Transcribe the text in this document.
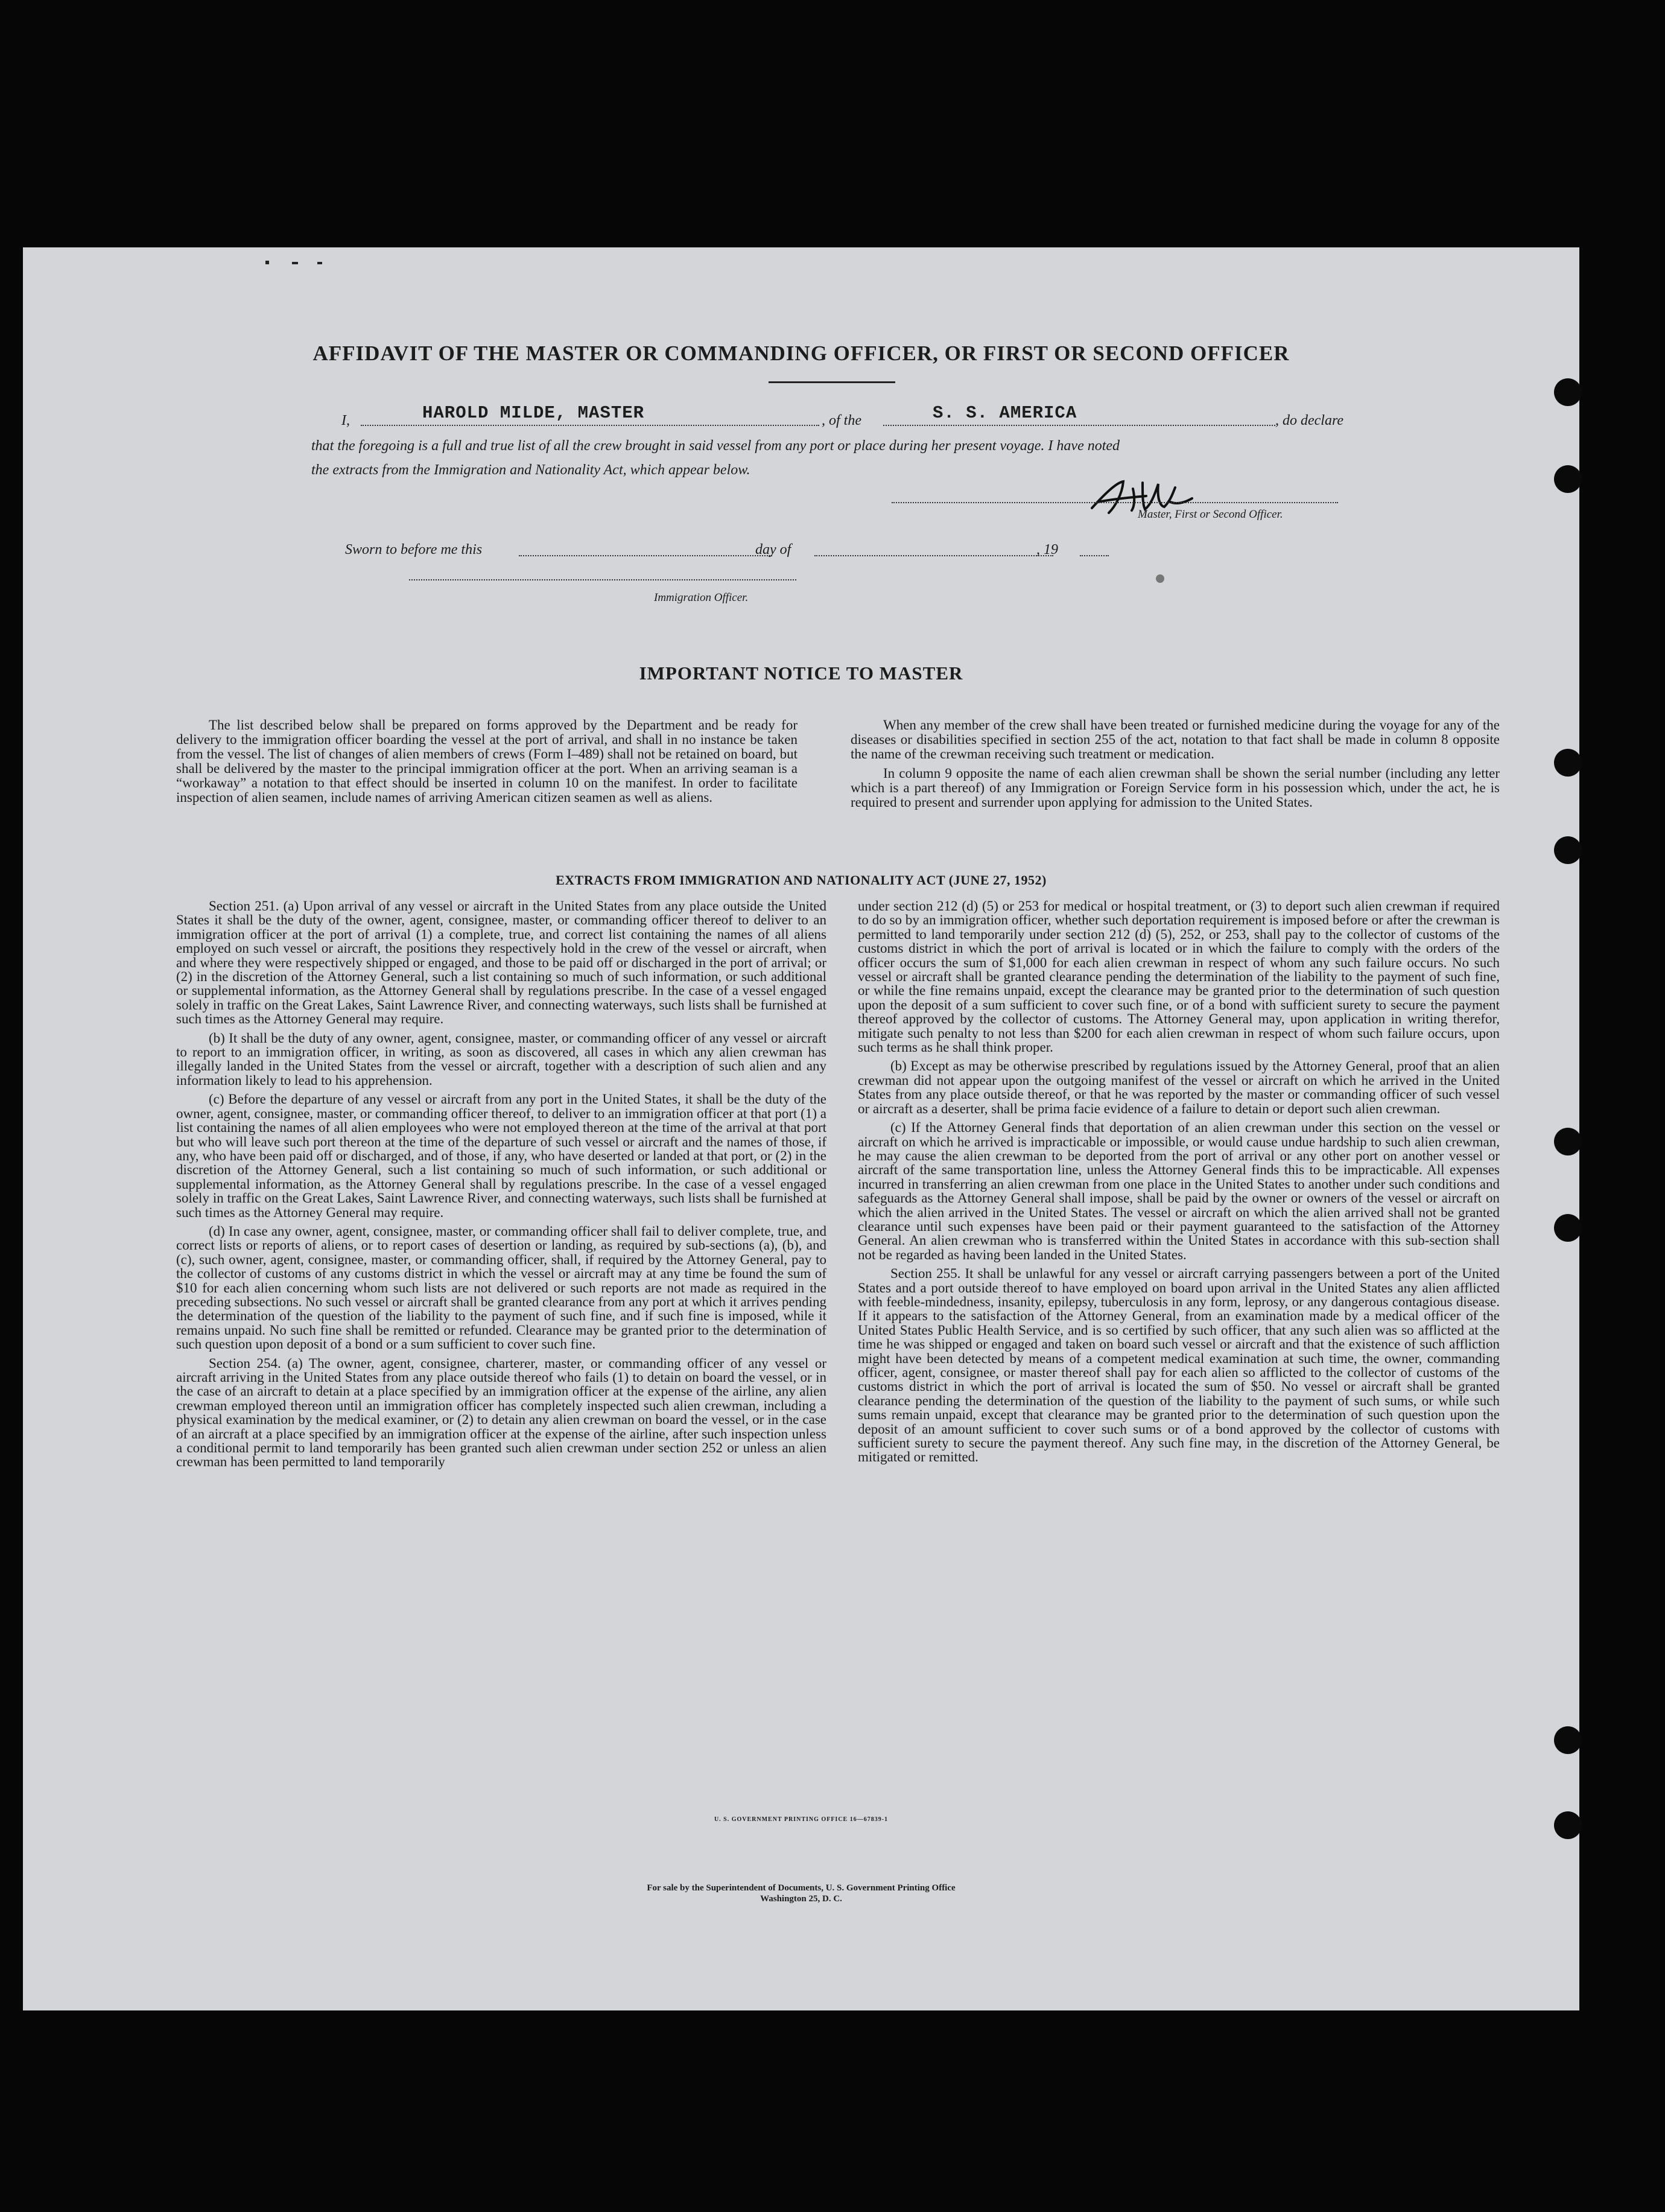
AFFIDAVIT OF THE MASTER OR COMMANDING OFFICER, OR FIRST OR SECOND OFFICER
I,	HAROLD MILDE, MASTER	, of the	S. S. AMERICA	, do declare
that the foregoing is a full and true list of all the crew brought in said vessel from any port or place during her present voyage. I have noted
the extracts from the Immigration and Nationality Act, which appear below.
Master, First or Second Officer.
Sworn to before me this	day of	, 19
Immigration Officer.
IMPORTANT NOTICE TO MASTER

The list described below shall be prepared on forms approved by the Department and be ready for delivery to the immigration officer boarding the vessel at the port of arrival, and shall in no instance be taken from the vessel. The list of changes of alien members of crews (Form I–489) shall not be retained on board, but shall be delivered by the master to the principal immigration officer at the port. When an arriving seaman is a “workaway” a notation to that effect should be inserted in column 10 on the manifest. In order to facilitate inspection of alien seamen, include names of arriving American citizen seamen as well as aliens.

When any member of the crew shall have been treated or furnished medicine during the voyage for any of the diseases or disabilities specified in section 255 of the act, notation to that fact shall be made in column 8 opposite the name of the crewman receiving such treatment or medication.

In column 9 opposite the name of each alien crewman shall be shown the serial number (including any letter which is a part thereof) of any Immigration or Foreign Service form in his possession which, under the act, he is required to present and surrender upon applying for admission to the United States.

EXTRACTS FROM IMMIGRATION AND NATIONALITY ACT (JUNE 27, 1952)

Section 251. (a) Upon arrival of any vessel or aircraft in the United States from any place outside the United States it shall be the duty of the owner, agent, consignee, master, or commanding officer thereof to deliver to an immigration officer at the port of arrival (1) a complete, true, and correct list containing the names of all aliens employed on such vessel or aircraft, the positions they respectively hold in the crew of the vessel or aircraft, when and where they were respectively shipped or engaged, and those to be paid off or discharged in the port of arrival; or (2) in the discretion of the Attorney General, such a list containing so much of such information, or such additional or supplemental information, as the Attorney General shall by regulations prescribe. In the case of a vessel engaged solely in traffic on the Great Lakes, Saint Lawrence River, and connecting waterways, such lists shall be furnished at such times as the Attorney General may require.

(b) It shall be the duty of any owner, agent, consignee, master, or commanding officer of any vessel or aircraft to report to an immigration officer, in writing, as soon as discovered, all cases in which any alien crewman has illegally landed in the United States from the vessel or aircraft, together with a description of such alien and any information likely to lead to his apprehension.

(c) Before the departure of any vessel or aircraft from any port in the United States, it shall be the duty of the owner, agent, consignee, master, or commanding officer thereof, to deliver to an immigration officer at that port (1) a list containing the names of all alien employees who were not employed thereon at the time of the arrival at that port but who will leave such port thereon at the time of the departure of such vessel or aircraft and the names of those, if any, who have been paid off or discharged, and of those, if any, who have deserted or landed at that port, or (2) in the discretion of the Attorney General, such a list containing so much of such information, or such additional or supplemental information, as the Attorney General shall by regulations prescribe. In the case of a vessel engaged solely in traffic on the Great Lakes, Saint Lawrence River, and connecting waterways, such lists shall be furnished at such times as the Attorney General may require.

(d) In case any owner, agent, consignee, master, or commanding officer shall fail to deliver complete, true, and correct lists or reports of aliens, or to report cases of desertion or landing, as required by sub-sections (a), (b), and (c), such owner, agent, consignee, master, or commanding officer, shall, if required by the Attorney General, pay to the collector of customs of any customs district in which the vessel or aircraft may at any time be found the sum of $10 for each alien concerning whom such lists are not delivered or such reports are not made as required in the preceding subsections. No such vessel or aircraft shall be granted clearance from any port at which it arrives pending the determination of the question of the liability to the payment of such fine, and if such fine is imposed, while it remains unpaid. No such fine shall be remitted or refunded. Clearance may be granted prior to the determination of such question upon deposit of a bond or a sum sufficient to cover such fine.

Section 254. (a) The owner, agent, consignee, charterer, master, or commanding officer of any vessel or aircraft arriving in the United States from any place outside thereof who fails (1) to detain on board the vessel, or in the case of an aircraft to detain at a place specified by an immigration officer at the expense of the airline, any alien crewman employed thereon until an immigration officer has completely inspected such alien crewman, including a physical examination by the medical examiner, or (2) to detain any alien crewman on board the vessel, or in the case of an aircraft at a place specified by an immigration officer at the expense of the airline, after such inspection unless a conditional permit to land temporarily has been granted such alien crewman under section 252 or unless an alien crewman has been permitted to land temporarily

under section 212 (d) (5) or 253 for medical or hospital treatment, or (3) to deport such alien crewman if required to do so by an immigration officer, whether such deportation requirement is imposed before or after the crewman is permitted to land temporarily under section 212 (d) (5), 252, or 253, shall pay to the collector of customs of the customs district in which the port of arrival is located or in which the failure to comply with the orders of the officer occurs the sum of $1,000 for each alien crewman in respect of whom any such failure occurs. No such vessel or aircraft shall be granted clearance pending the determination of the liability to the payment of such fine, or while the fine remains unpaid, except the clearance may be granted prior to the determination of such question upon the deposit of a sum sufficient to cover such fine, or of a bond with sufficient surety to secure the payment thereof approved by the collector of customs. The Attorney General may, upon application in writing therefor, mitigate such penalty to not less than $200 for each alien crewman in respect of whom such failure occurs, upon such terms as he shall think proper.

(b) Except as may be otherwise prescribed by regulations issued by the Attorney General, proof that an alien crewman did not appear upon the outgoing manifest of the vessel or aircraft on which he arrived in the United States from any place outside thereof, or that he was reported by the master or commanding officer of such vessel or aircraft as a deserter, shall be prima facie evidence of a failure to detain or deport such alien crewman.

(c) If the Attorney General finds that deportation of an alien crewman under this section on the vessel or aircraft on which he arrived is impracticable or impossible, or would cause undue hardship to such alien crewman, he may cause the alien crewman to be deported from the port of arrival or any other port on another vessel or aircraft of the same transportation line, unless the Attorney General finds this to be impracticable. All expenses incurred in transferring an alien crewman from one place in the United States to another under such conditions and safeguards as the Attorney General shall impose, shall be paid by the owner or owners of the vessel or aircraft on which the alien arrived in the United States. The vessel or aircraft on which the alien arrived shall not be granted clearance until such expenses have been paid or their payment guaranteed to the satisfaction of the Attorney General. An alien crewman who is transferred within the United States in accordance with this sub-section shall not be regarded as having been landed in the United States.

Section 255. It shall be unlawful for any vessel or aircraft carrying passengers between a port of the United States and a port outside thereof to have employed on board upon arrival in the United States any alien afflicted with feeble-mindedness, insanity, epilepsy, tuberculosis in any form, leprosy, or any dangerous contagious disease. If it appears to the satisfaction of the Attorney General, from an examination made by a medical officer of the United States Public Health Service, and is so certified by such officer, that any such alien was so afflicted at the time he was shipped or engaged and taken on board such vessel or aircraft and that the existence of such affliction might have been detected by means of a competent medical examination at such time, the owner, commanding officer, agent, consignee, or master thereof shall pay for each alien so afflicted to the collector of customs of the customs district in which the port of arrival is located the sum of $50. No vessel or aircraft shall be granted clearance pending the determination of the question of the liability to the payment of such sums, or while such sums remain unpaid, except that clearance may be granted prior to the determination of such question upon the deposit of an amount sufficient to cover such sums or of a bond approved by the collector of customs with sufficient surety to secure the payment thereof. Any such fine may, in the discretion of the Attorney General, be mitigated or remitted.

U. S. GOVERNMENT PRINTING OFFICE 16—67839-1
For sale by the Superintendent of Documents, U. S. Government Printing Office
Washington 25, D. C.
